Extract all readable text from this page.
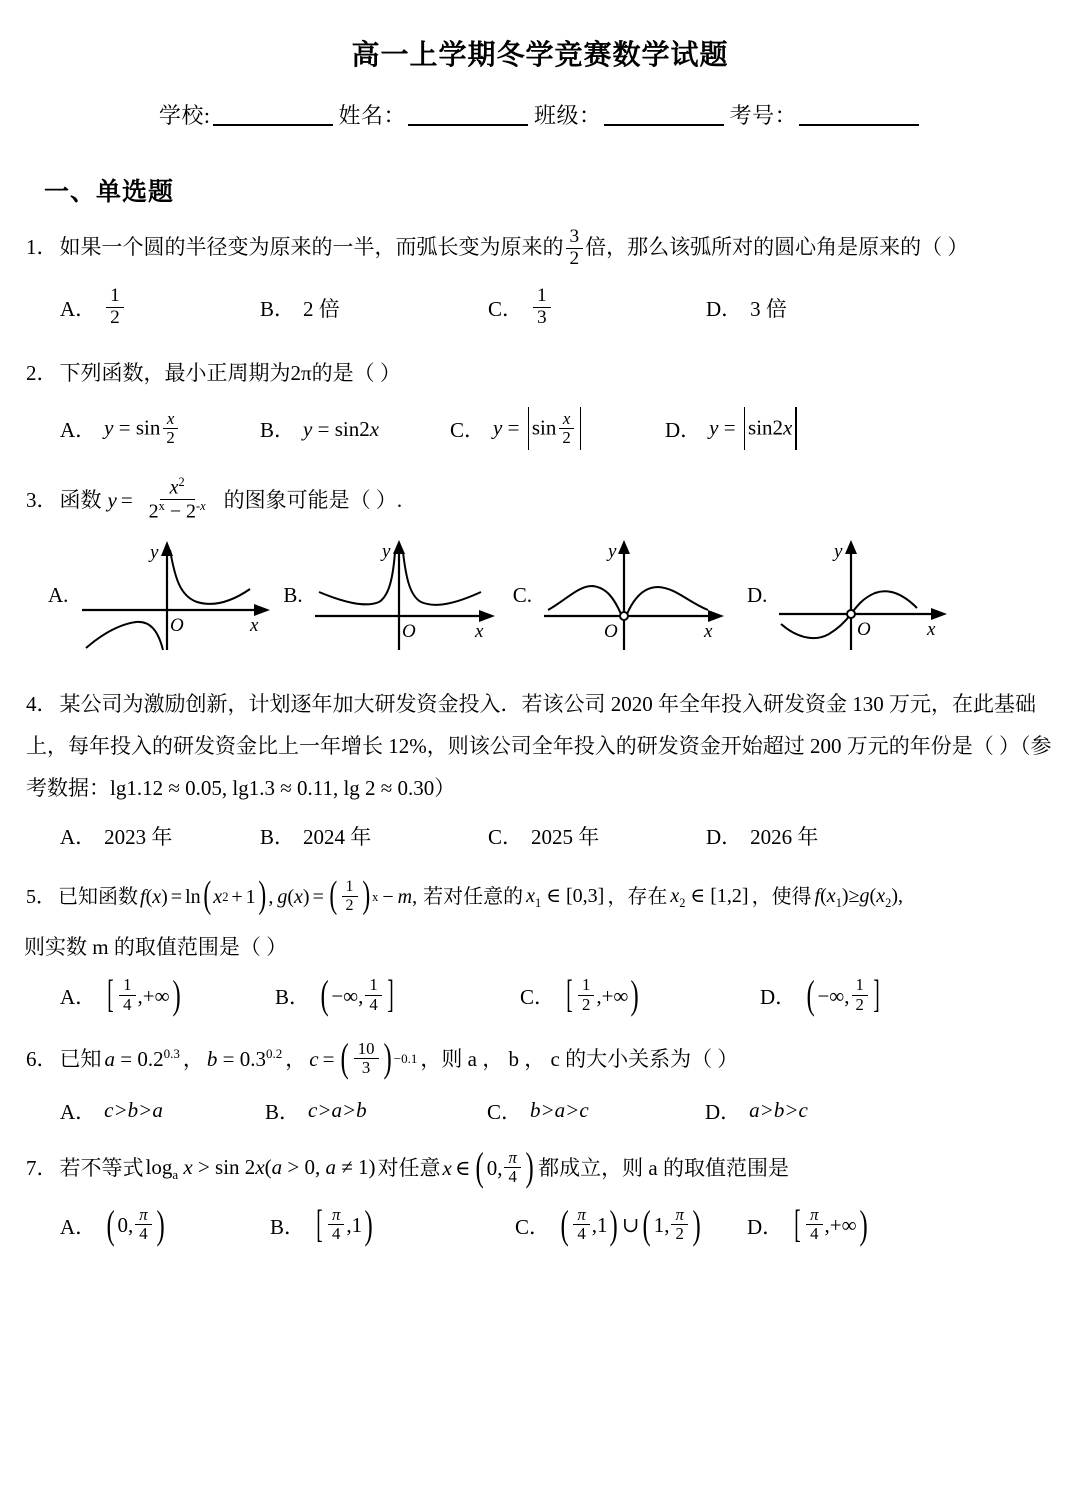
高一上学期冬学竞赛数学试题
学校:	姓名：	班级：	考号：
一、单选题
1．如果一个圆的半径变为原来的一半，而弧长变为原来的 $\frac{3}{2}$ 倍，那么该弧所对的圆心角是原来的（ ）
A． $\frac{1}{2}$	B． 2 倍	C． $\frac{1}{3}$	D． 3 倍
2．下列函数，最小正周期为2π的是（ ）
A． $y = \sin \frac{x}{2}$	B． y = sin2x	C． $y = \sin \frac{x}{2}$	D． y = sin2x
3． 函数 $y = \frac{x^2}{2^x - 2^{-x}}$ 的图象可能是（ ）.
A.
O	x
y
B.
O	x
y
C.
O	x
y
D.
O	x
y
4．某公司为激励创新，计划逐年加大研发资金投入．若该公司 2020 年全年投入研发资金 130 万元，在此基础上，每年投入的研发资金比上一年增长 12%，则该公司全年投入的研发资金开始超过 200 万元的年份是（ ）（参考数据：lg1.12 ≈ 0.05, lg1.3 ≈ 0.11, lg 2 ≈ 0.30）
A． 2023 年	B． 2024 年	C． 2025 年	D． 2026 年
5． 已知函数 f ( x ) = ln ( x 2 + 1 ) , g ( x ) = ( $\frac{1}{2}$ ) x − m , 若对任意的 $x_1$ ∈ [0,3] ，存在 $x_2$ ∈ [1,2] ，使得 $f(x_1)\ge g(x_2)$,
则实数 m 的取值范围是（ ）
A． [ $\frac{1}{4}$ ,+∞ )	B． ( −∞, $\frac{1}{4}$ ]	C． [ $\frac{1}{2}$ ,+∞ )	D． ( −∞, $\frac{1}{2}$ ]
6． 已知 $a = 0.2^{0.3}$ ， $b = 0.3^{0.2}$ ， c = ( $\frac{10}{3}$ ) −0.1 ，则 a ， b ， c 的大小关系为（ ）
A． c>b>a	B． c>a>b	C． b>a>c	D． a>b>c
7． 若不等式 $\log_a x > \sin 2x(a > 0$, a ≠ 1) 对任意 x ∈ ( 0, $\frac{\pi}{4}$ ) 都成立，则 a 的取值范围是
A． ( 0, $\frac{\pi}{4}$ )	B． [ $\frac{\pi}{4} ,1$ )	C． ( $\frac{\pi}{4} ,1$ ) ∪ ( 1, $\frac{\pi}{2}$ ) D． [ $\frac{\pi}{4}$ ,+∞ )
